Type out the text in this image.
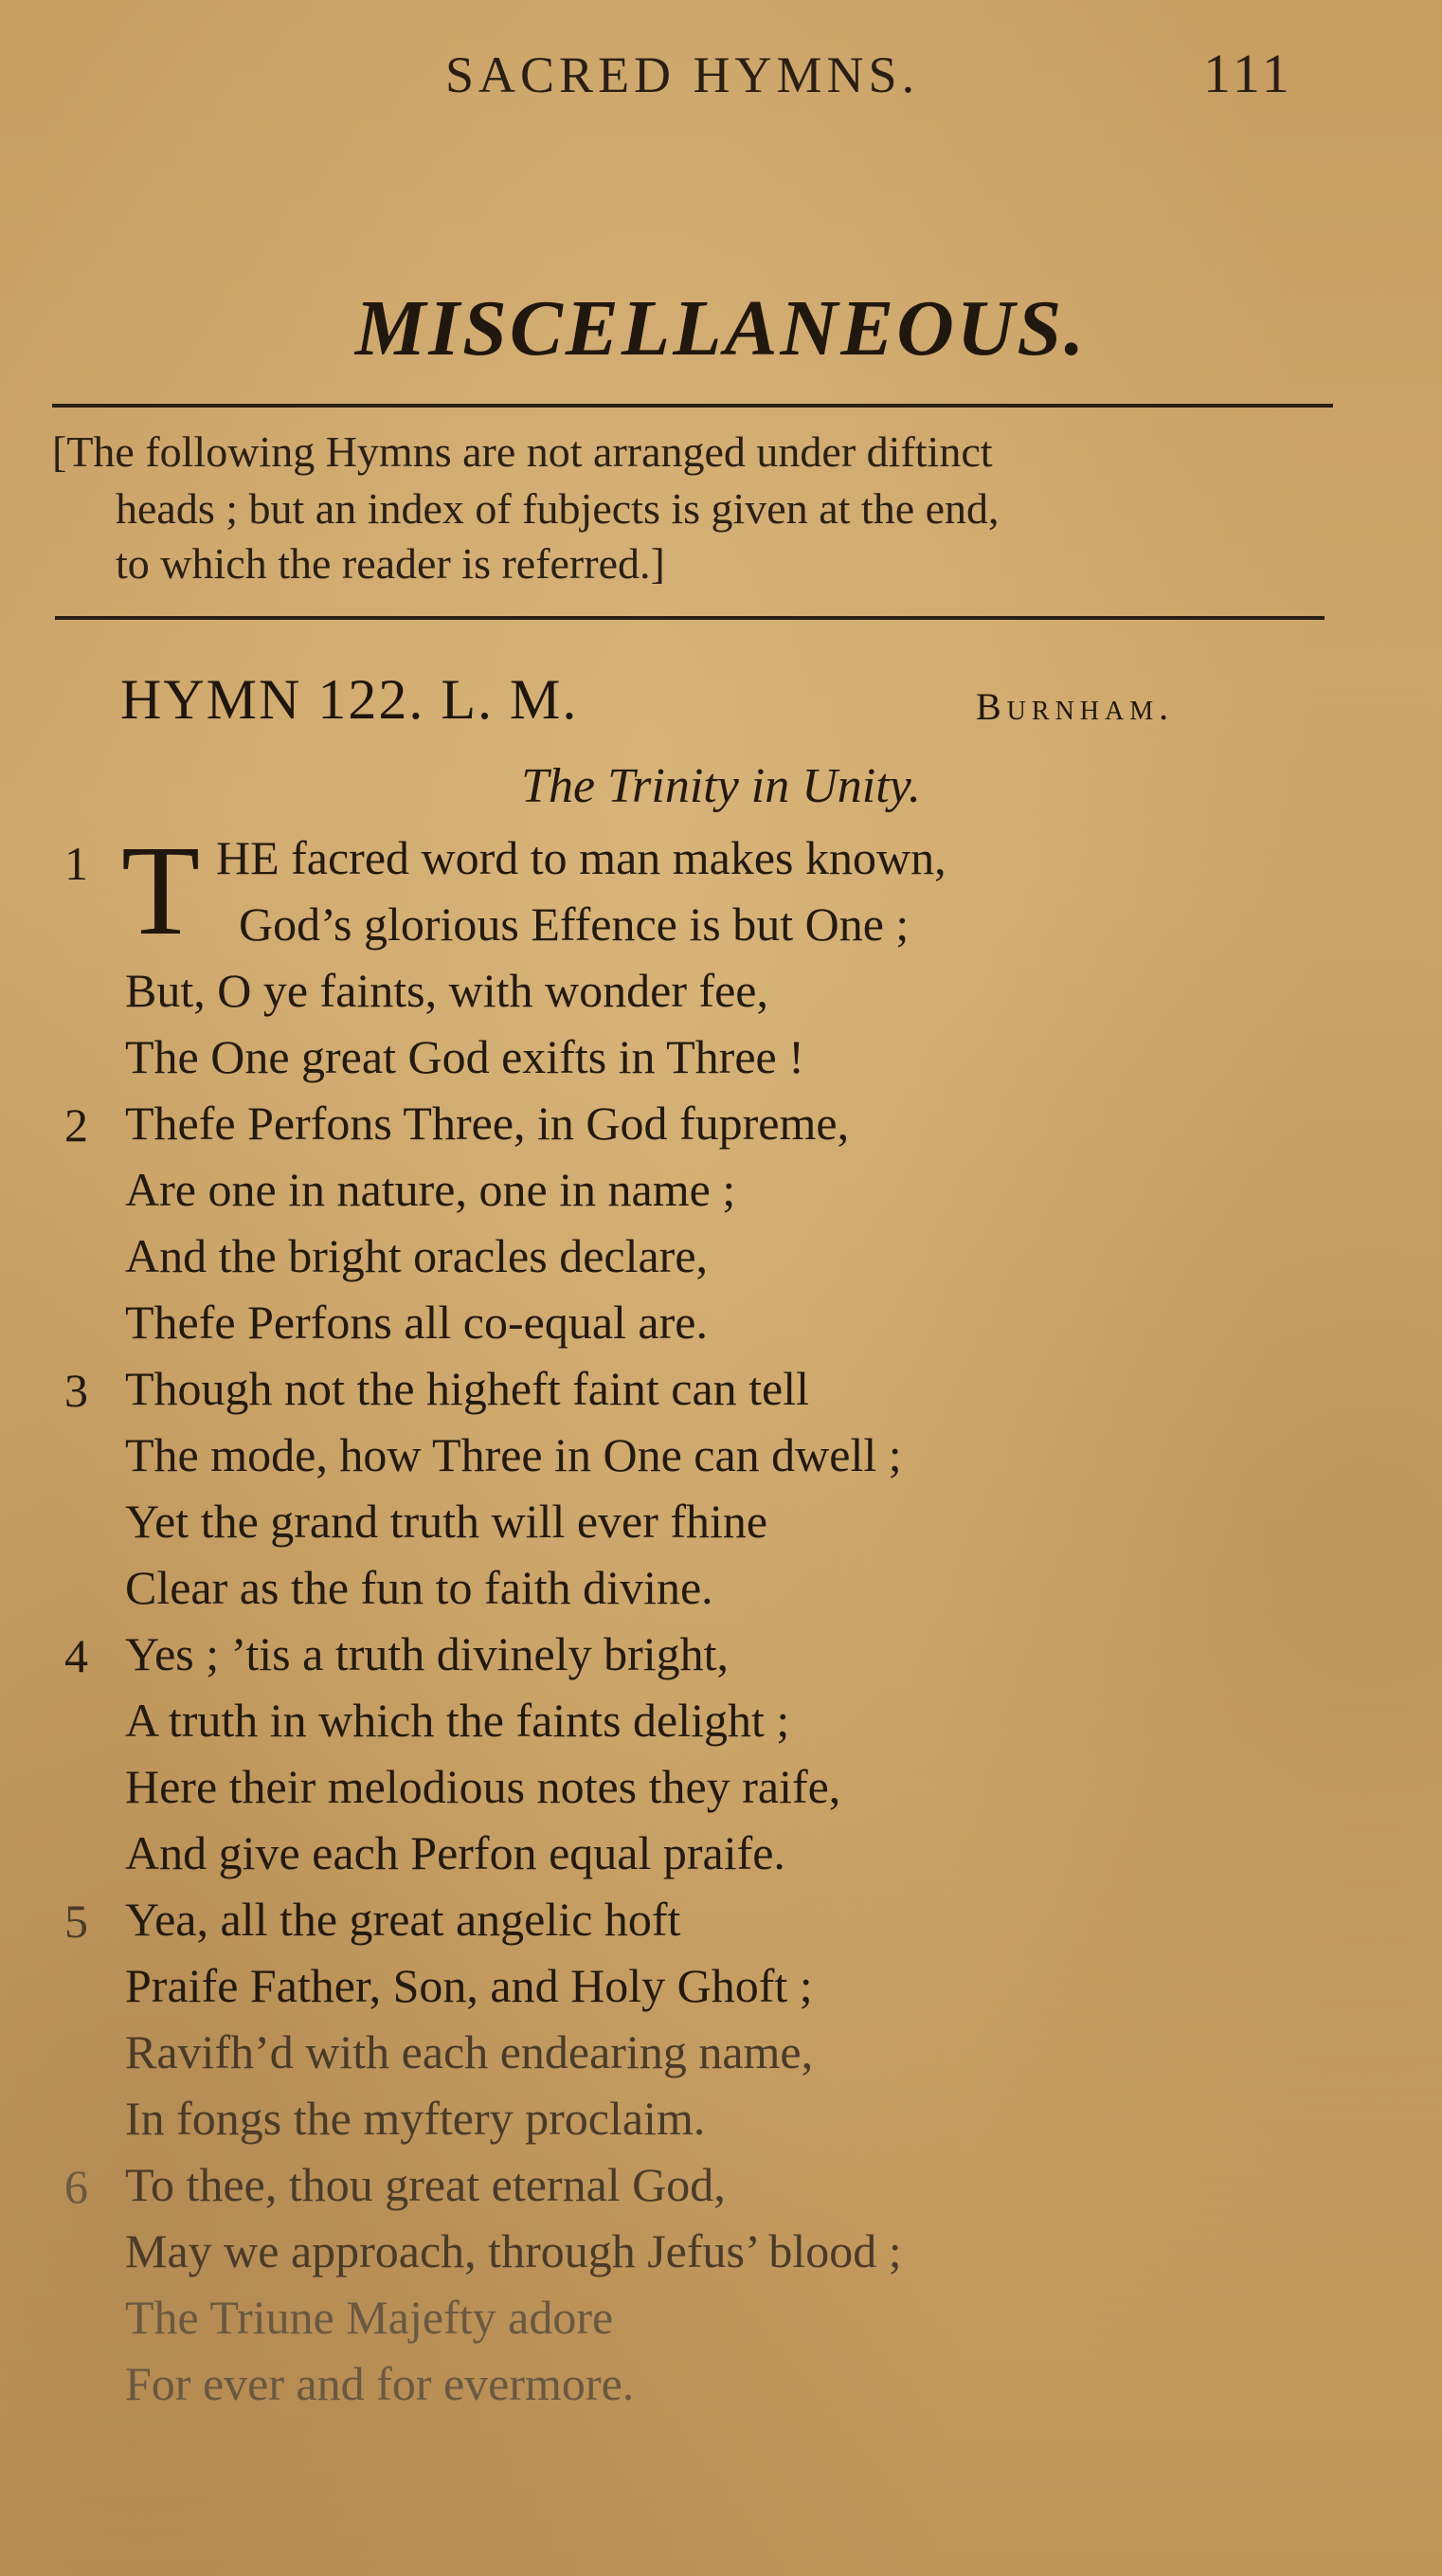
SACRED HYMNS.	111
MISCELLANEOUS.
[The following Hymns are not arranged under diftinct
heads ; but an index of fubjects is given at the end,
to which the reader is referred.]
HYMN 122. L. M.	Burnham.
The Trinity in Unity.
1 T HE facred word to man makes known,
God’s glorious Effence is but One ;
But, O ye faints, with wonder fee,
The One great God exifts in Three !
2 Thefe Perfons Three, in God fupreme,
Are one in nature, one in name ;
And the bright oracles declare,
Thefe Perfons all co-equal are.
3 Though not the higheft faint can tell
The mode, how Three in One can dwell ;
Yet the grand truth will ever fhine
Clear as the fun to faith divine.
4 Yes ; ’tis a truth divinely bright,
A truth in which the faints delight ;
Here their melodious notes they raife,
And give each Perfon equal praife.
5 Yea, all the great angelic hoft
Praife Father, Son, and Holy Ghoft ;
Ravifh’d with each endearing name,
In fongs the myftery proclaim.
6 To thee, thou great eternal God,
May we approach, through Jefus’ blood ;
The Triune Majefty adore
For ever and for evermore.
